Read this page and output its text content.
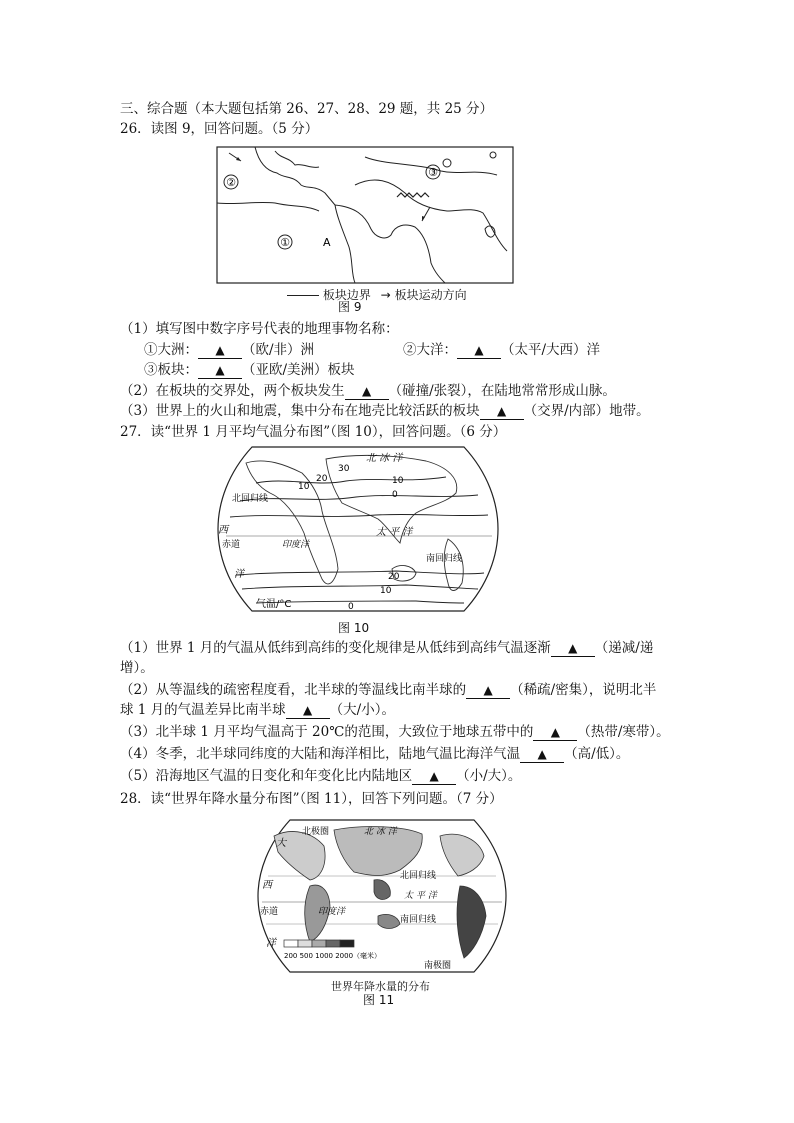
三、综合题（本大题包括第 26、27、28、29 题，共 25 分）
26．读图 9，回答问题。（5 分）
②
③
①	A
板块边界 → 板块运动方向
图 9
（1）填写图中数字序号代表的地理事物名称：
①大洲： ▲ （欧/非）洲	②大洋： ▲ （太平/大西）洋
③板块： ▲ （亚欧/美洲）板块
（2）在板块的交界处，两个板块发生 ▲ （碰撞/张裂），在陆地常常形成山脉。
（3）世界上的火山和地震，集中分布在地壳比较活跃的板块 ▲ （交界/内部）地带。
27．读“世界 1 月平均气温分布图”（图 10），回答问题。（6 分）
北 冰 洋
30
20
10
10
0
北回归线
西	太 平 洋
赤道	印度洋
南回归线
洋	20
10
气温/°C	0
图 10
（1）世界 1 月的气温从低纬到高纬的变化规律是从低纬到高纬气温逐渐 ▲ （递减/递
增）。
（2）从等温线的疏密程度看，北半球的等温线比南半球的 ▲ （稀疏/密集），说明北半
球 1 月的气温差异比南半球 ▲ （大/小）。
（3）北半球 1 月平均气温高于 20℃的范围，大致位于地球五带中的 ▲ （热带/寒带）。
（4）冬季，北半球同纬度的大陆和海洋相比，陆地气温比海洋气温 ▲ （高/低）。
（5）沿海地区气温的日变化和年变化比内陆地区 ▲ （小/大）。
28．读“世界年降水量分布图”（图 11），回答下列问题。（7 分）
北极圈	北 冰 洋
大
北回归线
西
太 平 洋
赤道	印度洋
南回归线
洋
200 500 1000 2000（毫米）
南极圈
世界年降水量的分布
图 11
